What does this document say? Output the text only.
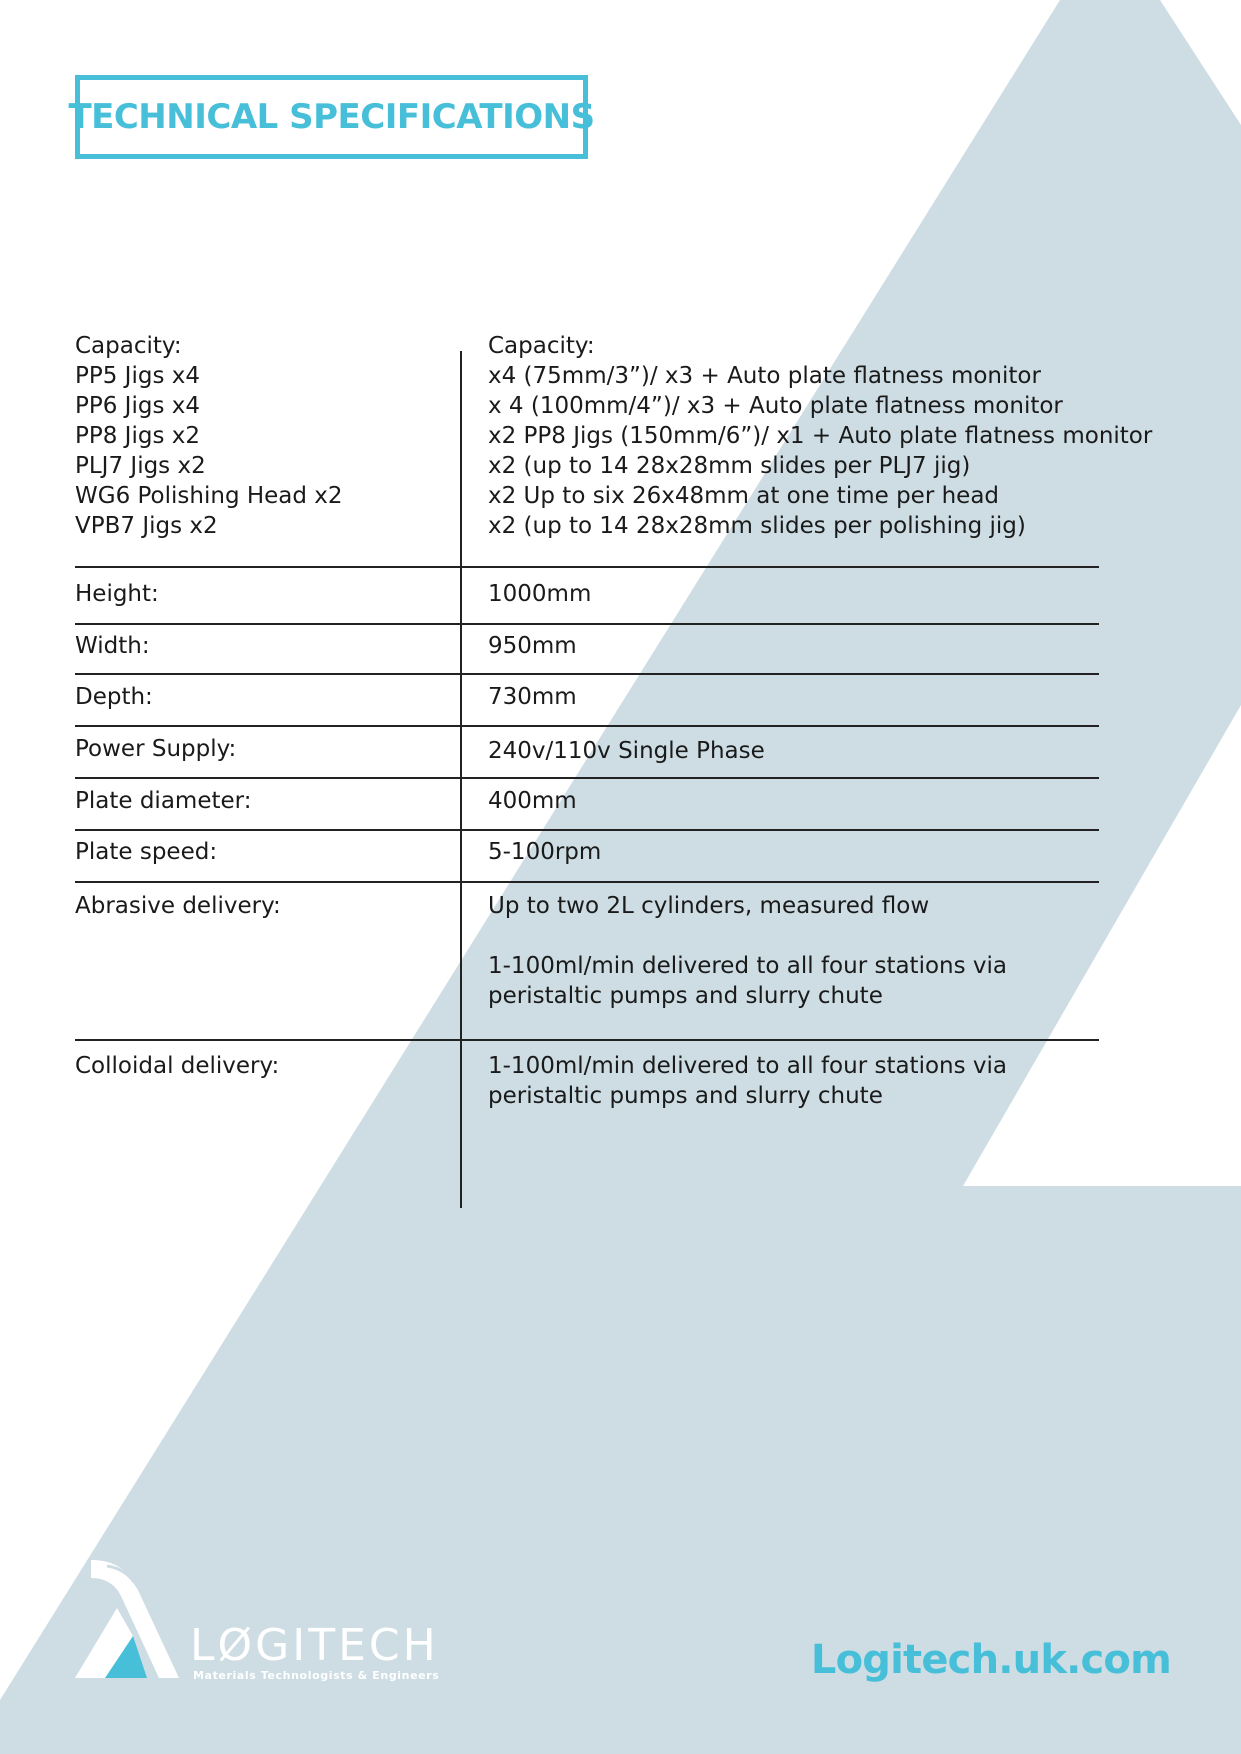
TECHNICAL SPECIFICATIONS
Capacity:	Capacity:
PP5 Jigs x4	x4 (75mm/3”)/ x3 + Auto plate flatness monitor
PP6 Jigs x4	x 4 (100mm/4”)/ x3 + Auto plate flatness monitor
PP8 Jigs x2	x2 PP8 Jigs (150mm/6”)/ x1 + Auto plate flatness monitor
PLJ7 Jigs x2	x2 (up to 14 28x28mm slides per PLJ7 jig)
WG6 Polishing Head x2	x2 Up to six 26x48mm at one time per head
VPB7 Jigs x2	x2 (up to 14 28x28mm slides per polishing jig)
Height:	1000mm
Width:	950mm
Depth:	730mm
Power Supply:	240v/110v Single Phase
Plate diameter:	400mm
Plate speed:	5-100rpm
Abrasive delivery:	Up to two 2L cylinders, measured flow
1-100ml/min delivered to all four stations via
peristaltic pumps and slurry chute
Colloidal delivery:	1-100ml/min delivered to all four stations via
peristaltic pumps and slurry chute
LØGITECH
Materials Technologists & Engineers	Logitech.uk.com
